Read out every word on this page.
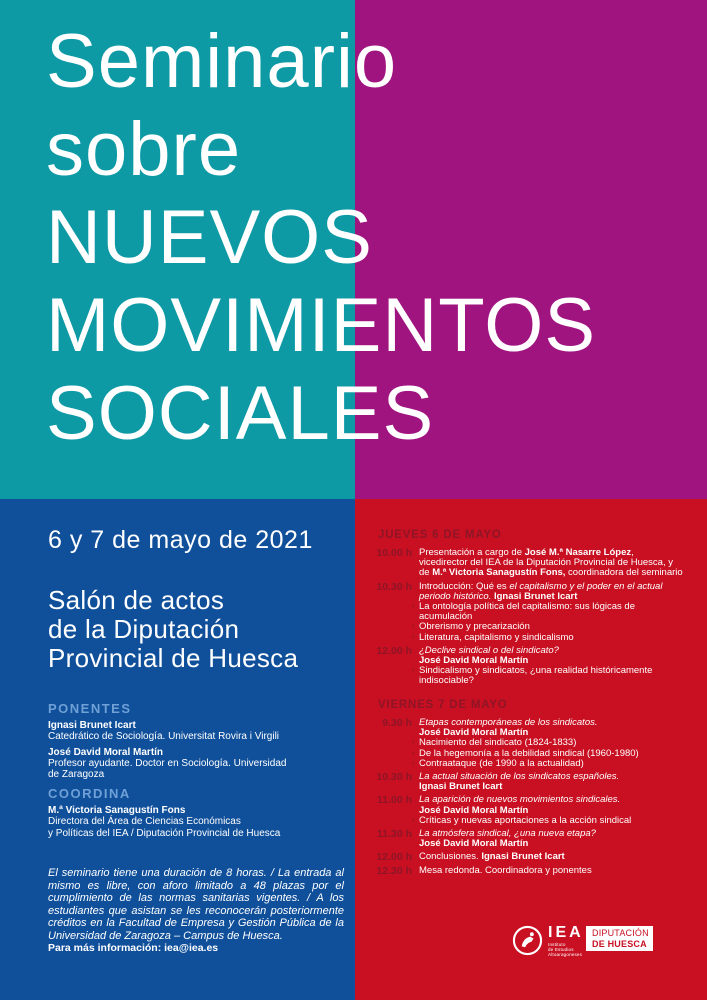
Seminario
sobre
NUEVOS
MOVIMIENTOS
SOCIALES
6 y 7 de mayo de 2021
Salón de actos
de la Diputación
Provincial de Huesca
PONENTES
Ignasi Brunet Icart
Catedrático de Sociología. Universitat Rovira i Virgili
José David Moral Martín
Profesor ayudante. Doctor en Sociología. Universidad
de Zaragoza
COORDINA
M.ª Victoria Sanagustín Fons
Directora del Área de Ciencias Económicas
y Políticas del IEA / Diputación Provincial de Huesca

El seminario tiene una duración de 8 horas. / La entrada al mismo es libre, con aforo limitado a 48 plazas por el cumplimiento de las normas sanitarias vigentes. / A los estudiantes que asistan se les reconocerán posteriormente créditos en la Facultad de Empresa y Gestión Pública de la Universidad de Zaragoza – Campus de Huesca.

Para más información: iea@iea.es
JUEVES 6 DE MAYO
10.00 h Presentación a cargo de José M.ª Nasarre López, vicedirector del IEA de la Diputación Provincial de Huesca, y de M.ª Victoria Sanagustín Fons, coordinadora del seminario
10.30 h Introducción: Qué es el capitalismo y el poder en el actual periodo histórico. Ignasi Brunet Icart
· La ontología política del capitalismo: sus lógicas de acumulación
· Obrerismo y precarización
· Literatura, capitalismo y sindicalismo
12.00 h ¿Declive sindical o del sindicato?
José David Moral Martín
· Sindicalismo y sindicatos, ¿una realidad históricamente indisociable?
VIERNES 7 DE MAYO
9.30 h Etapas contemporáneas de los sindicatos.
José David Moral Martín
· Nacimiento del sindicato (1824-1833)
· De la hegemonía a la debilidad sindical (1960-1980)
· Contraataque (de 1990 a la actualidad)
10.30 h La actual situación de los sindicatos españoles.
Ignasi Brunet Icart
11.00 h La aparición de nuevos movimientos sindicales.
José David Moral Martín
· Críticas y nuevas aportaciones a la acción sindical
11.30 h La atmósfera sindical, ¿una nueva etapa?
José David Moral Martín
12.00 h Conclusiones. Ignasi Brunet Icart
12.30 h Mesa redonda. Coordinadora y ponentes
IEA
Instituto
de Estudios
Altoaragoneses
DIPUTACIÓN
DE HUESCA
